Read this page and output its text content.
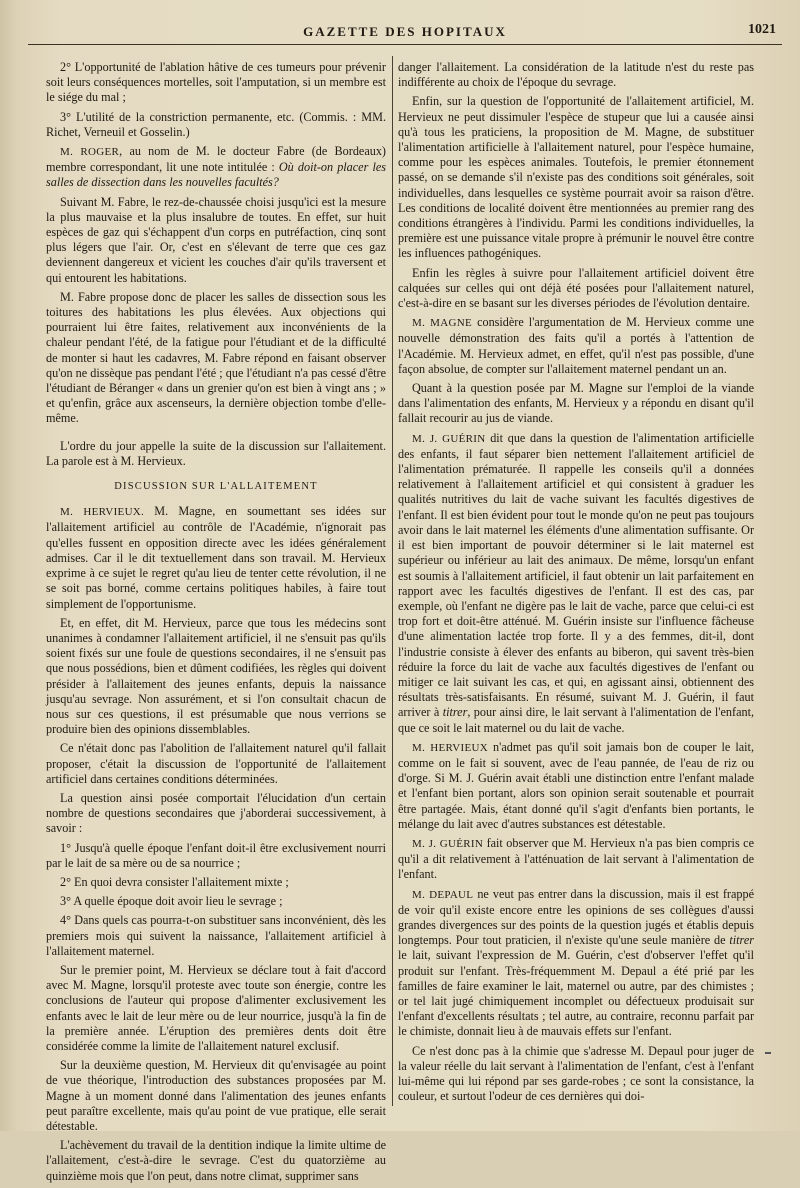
GAZETTE DES HOPITAUX	1021

2° L'opportunité de l'ablation hâtive de ces tumeurs pour prévenir soit leurs conséquences mortelles, soit l'amputation, si un membre est le siége du mal ;

3° L'utilité de la constriction permanente, etc. (Commis. : MM. Richet, Verneuil et Gosselin.)

M. ROGER, au nom de M. le docteur Fabre (de Bordeaux) membre correspondant, lit une note intitulée : Où doit-on placer les salles de dissection dans les nouvelles facultés?

Suivant M. Fabre, le rez-de-chaussée choisi jusqu'ici est la mesure la plus mauvaise et la plus insalubre de toutes. En effet, sur huit espèces de gaz qui s'échappent d'un corps en putréfaction, cinq sont plus légers que l'air. Or, c'est en s'élevant de terre que ces gaz deviennent dangereux et vicient les couches d'air qu'ils traversent et qui entourent les habitations.

M. Fabre propose donc de placer les salles de dissection sous les toitures des habitations les plus élevées. Aux objections qui pourraient lui être faites, relativement aux inconvénients de la chaleur pendant l'été, de la fatigue pour l'étudiant et de la difficulté de monter si haut les cadavres, M. Fabre répond en faisant observer qu'on ne dissèque pas pendant l'été ; que l'étudiant n'a pas cessé d'être l'étudiant de Béranger « dans un grenier qu'on est bien à vingt ans ; » et qu'enfin, grâce aux ascenseurs, la dernière objection tombe d'elle-même.

L'ordre du jour appelle la suite de la discussion sur l'allaitement. La parole est à M. Hervieux.

DISCUSSION SUR L'ALLAITEMENT

M. HERVIEUX. M. Magne, en soumettant ses idées sur l'allaitement artificiel au contrôle de l'Académie, n'ignorait pas qu'elles fussent en opposition directe avec les idées généralement admises. Car il le dit textuellement dans son travail. M. Hervieux exprime à ce sujet le regret qu'au lieu de tenter cette révolution, il ne se soit pas borné, comme certains politiques habiles, à faire tout simplement de l'opportunisme.

Et, en effet, dit M. Hervieux, parce que tous les médecins sont unanimes à condamner l'allaitement artificiel, il ne s'ensuit pas qu'ils soient fixés sur une foule de questions secondaires, il ne s'ensuit pas que nous possédions, bien et dûment codifiées, les règles qui doivent présider à l'allaitement des jeunes enfants, depuis la naissance jusqu'au sevrage. Non assurément, et si l'on consultait chacun de nous sur ces questions, il est présumable que nous verrions se produire bien des opinions dissemblables.

Ce n'était donc pas l'abolition de l'allaitement naturel qu'il fallait proposer, c'était la discussion de l'opportunité de l'allaitement artificiel dans certaines conditions déterminées.

La question ainsi posée comportait l'élucidation d'un certain nombre de questions secondaires que j'aborderai successivement, à savoir :

1° Jusqu'à quelle époque l'enfant doit-il être exclusivement nourri par le lait de sa mère ou de sa nourrice ;

2° En quoi devra consister l'allaitement mixte ;

3° A quelle époque doit avoir lieu le sevrage ;

4° Dans quels cas pourra-t-on substituer sans inconvénient, dès les premiers mois qui suivent la naissance, l'allaitement artificiel à l'allaitement maternel.

Sur le premier point, M. Hervieux se déclare tout à fait d'accord avec M. Magne, lorsqu'il proteste avec toute son énergie, contre les conclusions de l'auteur qui propose d'alimenter exclusivement les enfants avec le lait de leur mère ou de leur nourrice, jusqu'à la fin de la première année. L'éruption des premières dents doit être considérée comme la limite de l'allaitement naturel exclusif.

Sur la deuxième question, M. Hervieux dit qu'envisagée au point de vue théorique, l'introduction des substances proposées par M. Magne à un moment donné dans l'alimentation des jeunes enfants peut paraître excellente, mais qu'au point de vue pratique, elle serait détestable.

L'achèvement du travail de la dentition indique la limite ultime de l'allaitement, c'est-à-dire le sevrage. C'est du quatorzième au quinzième mois que l'on peut, dans notre climat, supprimer sans

danger l'allaitement. La considération de la latitude n'est du reste pas indifférente au choix de l'époque du sevrage.

Enfin, sur la question de l'opportunité de l'allaitement artificiel, M. Hervieux ne peut dissimuler l'espèce de stupeur que lui a causée ainsi qu'à tous les praticiens, la proposition de M. Magne, de substituer l'alimentation artificielle à l'allaitement naturel, pour l'espèce humaine, comme pour les espèces animales. Toutefois, le premier étonnement passé, on se demande s'il n'existe pas des conditions soit générales, soit individuelles, dans lesquelles ce système pourrait avoir sa raison d'être. Les conditions de localité doivent être mentionnées au premier rang des conditions étrangères à l'individu. Parmi les conditions individuelles, la première est une puissance vitale propre à prémunir le nouvel être contre les influences pathogéniques.

Enfin les règles à suivre pour l'allaitement artificiel doivent être calquées sur celles qui ont déjà été posées pour l'allaitement naturel, c'est-à-dire en se basant sur les diverses périodes de l'évolution dentaire.

M. MAGNE considère l'argumentation de M. Hervieux comme une nouvelle démonstration des faits qu'il a portés à l'attention de l'Académie. M. Hervieux admet, en effet, qu'il n'est pas possible, d'une façon absolue, de compter sur l'allaitement maternel pendant un an.

Quant à la question posée par M. Magne sur l'emploi de la viande dans l'alimentation des enfants, M. Hervieux y a répondu en disant qu'il fallait recourir au jus de viande.

M. J. GUÉRIN dit que dans la question de l'alimentation artificielle des enfants, il faut séparer bien nettement l'allaitement artificiel de l'alimentation prématurée. Il rappelle les conseils qu'il a données relativement à l'allaitement artificiel et qui consistent à graduer les qualités nutritives du lait de vache suivant les facultés digestives de l'enfant. Il est bien évident pour tout le monde qu'on ne peut pas toujours avoir dans le lait maternel les éléments d'une alimentation suffisante. Or il est bien important de pouvoir déterminer si le lait maternel est supérieur ou inférieur au lait des animaux. De même, lorsqu'un enfant est soumis à l'allaitement artificiel, il faut obtenir un lait parfaitement en rapport avec les facultés digestives de l'enfant. Il est des cas, par exemple, où l'enfant ne digère pas le lait de vache, parce que celui-ci est trop fort et doit-être atténué. M. Guérin insiste sur l'influence fâcheuse d'une alimentation lactée trop forte. Il y a des femmes, dit-il, dont l'industrie consiste à élever des enfants au biberon, qui savent très-bien réduire la force du lait de vache aux facultés digestives de l'enfant ou mitiger ce lait suivant les cas, et qui, en agissant ainsi, obtiennent des résultats très-satisfaisants. En résumé, suivant M. J. Guérin, il faut arriver à titrer, pour ainsi dire, le lait servant à l'alimentation de l'enfant, que ce soit le lait maternel ou du lait de vache.

M. HERVIEUX n'admet pas qu'il soit jamais bon de couper le lait, comme on le fait si souvent, avec de l'eau pannée, de l'eau de riz ou d'orge. Si M. J. Guérin avait établi une distinction entre l'enfant malade et l'enfant bien portant, alors son opinion serait soutenable et pourrait être partagée. Mais, étant donné qu'il s'agit d'enfants bien portants, le mélange du lait avec d'autres substances est détestable.

M. J. GUÉRIN fait observer que M. Hervieux n'a pas bien compris ce qu'il a dit relativement à l'atténuation de lait servant à l'alimentation de l'enfant.

M. DEPAUL ne veut pas entrer dans la discussion, mais il est frappé de voir qu'il existe encore entre les opinions de ses collègues d'aussi grandes divergences sur des points de la question jugés et établis depuis longtemps. Pour tout praticien, il n'existe qu'une seule manière de titrer le lait, suivant l'expression de M. Guérin, c'est d'observer l'effet qu'il produit sur l'enfant. Très-fréquemment M. Depaul a été prié par les familles de faire examiner le lait, maternel ou autre, par des chimistes ; or tel lait jugé chimiquement incomplet ou défectueux produisait sur l'enfant d'excellents résultats ; tel autre, au contraire, reconnu parfait par le chimiste, donnait lieu à de mauvais effets sur l'enfant.

Ce n'est donc pas à la chimie que s'adresse M. Depaul pour juger de la valeur réelle du lait servant à l'alimentation de l'enfant, c'est à l'enfant lui-même qui lui répond par ses garde-robes ; ce sont la consistance, la couleur, et surtout l'odeur de ces dernières qui doi-
